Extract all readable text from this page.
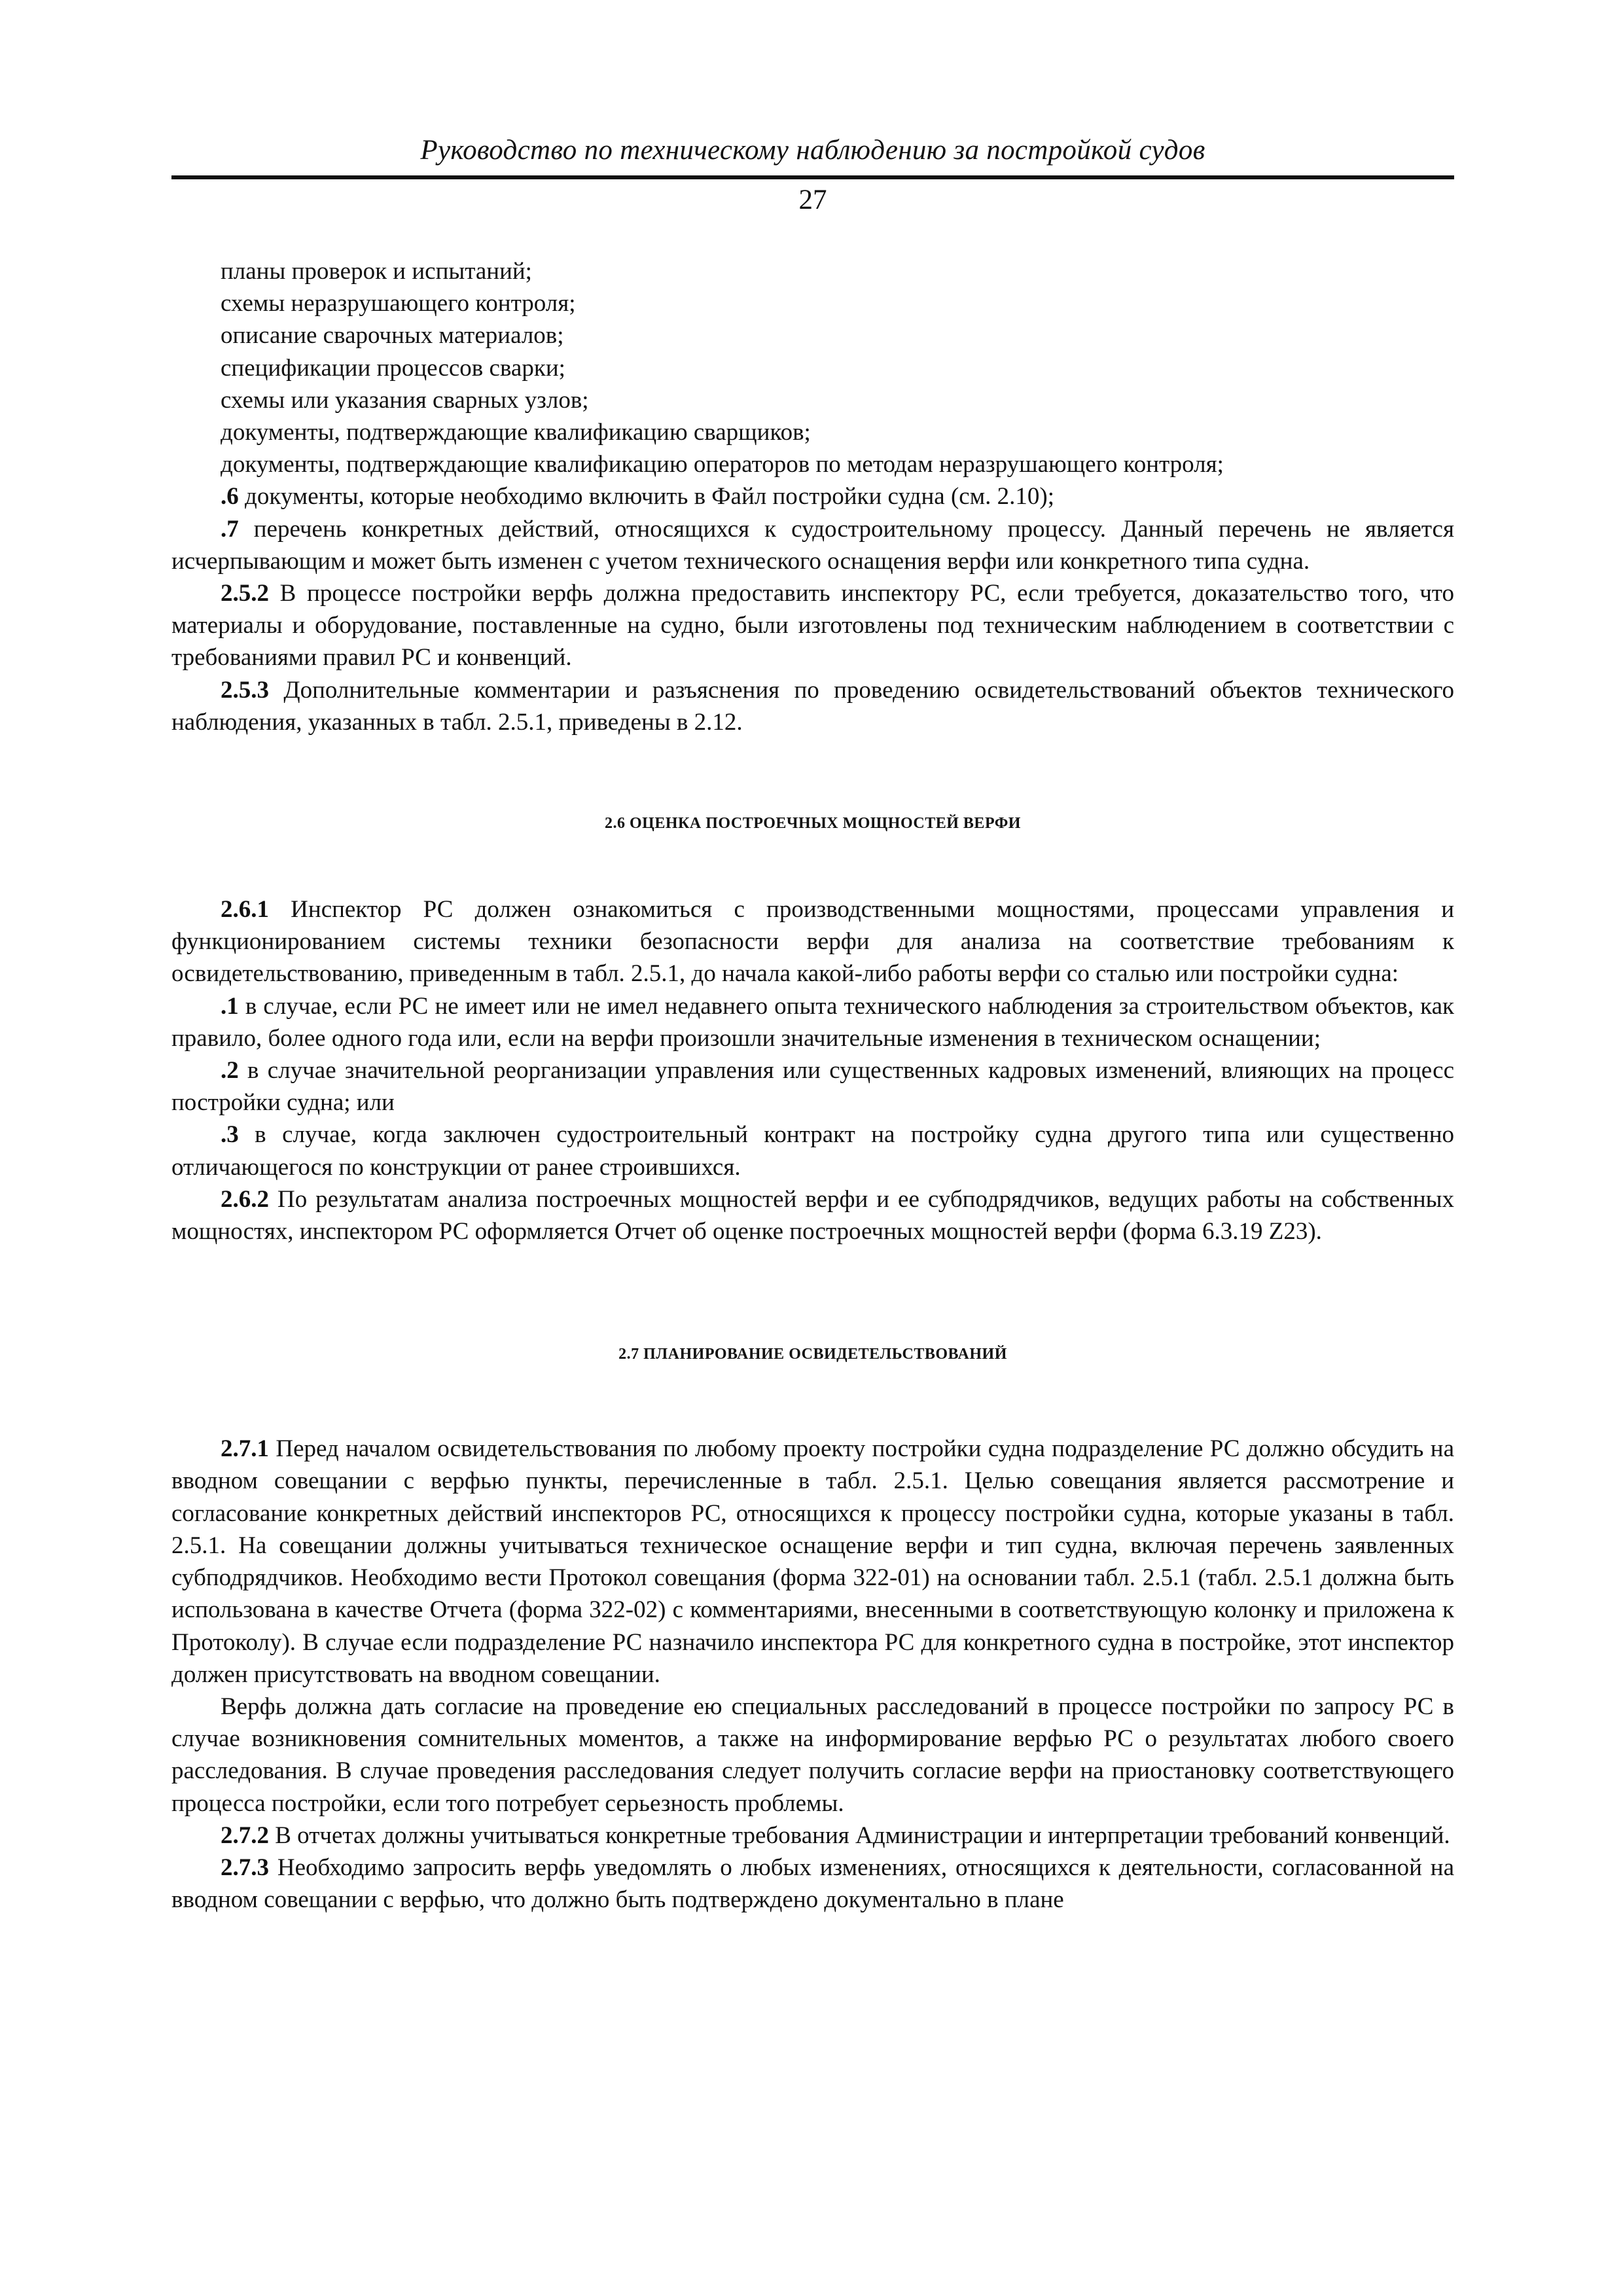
Руководство по техническому наблюдению за постройкой судов
27

планы проверок и испытаний;

схемы неразрушающего контроля;

описание сварочных материалов;

спецификации процессов сварки;

схемы или указания сварных узлов;

документы, подтверждающие квалификацию сварщиков;

документы, подтверждающие квалификацию операторов по методам неразрушающего контроля;

.6 документы, которые необходимо включить в Файл постройки судна (см. 2.10);

.7 перечень конкретных действий, относящихся к судостроительному процессу. Данный перечень не является исчерпывающим и может быть изменен с учетом технического оснащения верфи или конкретного типа судна.

2.5.2 В процессе постройки верфь должна предоставить инспектору РС, если требуется, доказательство того, что материалы и оборудование, поставленные на судно, были изготовлены под техническим наблюдением в соответствии с требованиями правил РС и конвенций.

2.5.3 Дополнительные комментарии и разъяснения по проведению освидетельствований объектов технического наблюдения, указанных в табл. 2.5.1, приведены в 2.12.

2.6 ОЦЕНКА ПОСТРОЕЧНЫХ МОЩНОСТЕЙ ВЕРФИ

2.6.1 Инспектор РС должен ознакомиться с производственными мощностями, процессами управления и функционированием системы техники безопасности верфи для анализа на соответствие требованиям к освидетельствованию, приведенным в табл. 2.5.1, до начала какой-либо работы верфи со сталью или постройки судна:

.1 в случае, если РС не имеет или не имел недавнего опыта технического наблюдения за строительством объектов, как правило, более одного года или, если на верфи произошли значительные изменения в техническом оснащении;

.2 в случае значительной реорганизации управления или существенных кадровых изменений, влияющих на процесс постройки судна; или

.3 в случае, когда заключен судостроительный контракт на постройку судна другого типа или существенно отличающегося по конструкции от ранее строившихся.

2.6.2 По результатам анализа построечных мощностей верфи и ее субподрядчиков, ведущих работы на собственных мощностях, инспектором РС оформляется Отчет об оценке построечных мощностей верфи (форма 6.3.19 Z23).

2.7 ПЛАНИРОВАНИЕ ОСВИДЕТЕЛЬСТВОВАНИЙ

2.7.1 Перед началом освидетельствования по любому проекту постройки судна подразделение РС должно обсудить на вводном совещании с верфью пункты, перечисленные в табл. 2.5.1. Целью совещания является рассмотрение и согласование конкретных действий инспекторов РС, относящихся к процессу постройки судна, которые указаны в табл. 2.5.1. На совещании должны учитываться техническое оснащение верфи и тип судна, включая перечень заявленных субподрядчиков. Необходимо вести Протокол совещания (форма 322-01) на основании табл. 2.5.1 (табл. 2.5.1 должна быть использована в качестве Отчета (форма 322-02) с комментариями, внесенными в соответствующую колонку и приложена к Протоколу). В случае если подразделение РС назначило инспектора РС для конкретного судна в постройке, этот инспектор должен присутствовать на вводном совещании.

Верфь должна дать согласие на проведение ею специальных расследований в процессе постройки по запросу РС в случае возникновения сомнительных моментов, а также на информирование верфью РС о результатах любого своего расследования. В случае проведения расследования следует получить согласие верфи на приостановку соответствующего процесса постройки, если того потребует серьезность проблемы.

2.7.2 В отчетах должны учитываться конкретные требования Администрации и интерпретации требований конвенций.

2.7.3 Необходимо запросить верфь уведомлять о любых изменениях, относящихся к деятельности, согласованной на вводном совещании с верфью, что должно быть подтверждено документально в плане
